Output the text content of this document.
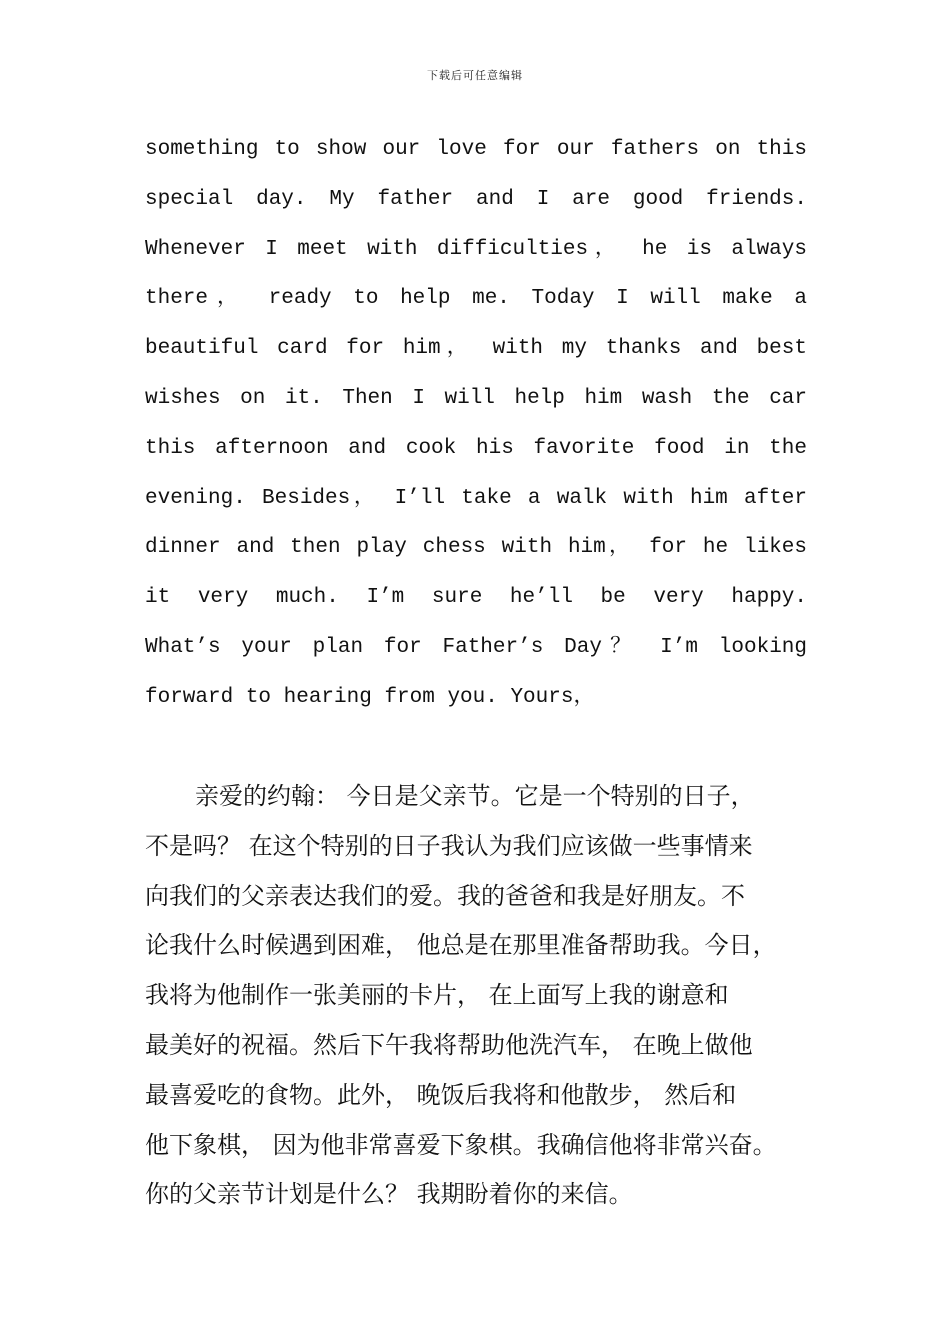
下载后可任意编辑
something to show our love for our fathers on this
special day. My father and I are good friends.
Whenever I meet with difficulties， he is always
there， ready to help me. Today I will make a
beautiful card for him， with my thanks and best
wishes on it. Then I will help him wash the car
this afternoon and cook his favorite food in the
evening. Besides， I’ll take a walk with him after
dinner and then play chess with him， for he likes
it very much. I’m sure he’ll be very happy.
What’s your plan for Father’s Day？ I’m looking
forward to hearing from you. Yours，
亲爱的约翰： 今日是父亲节。它是一个特别的日子，
不是吗？ 在这个特别的日子我认为我们应该做一些事情来
向我们的父亲表达我们的爱。我的爸爸和我是好朋友。不
论我什么时候遇到困难， 他总是在那里准备帮助我。今日，
我将为他制作一张美丽的卡片， 在上面写上我的谢意和
最美好的祝福。然后下午我将帮助他洗汽车， 在晚上做他
最喜爱吃的食物。此外， 晚饭后我将和他散步， 然后和
他下象棋， 因为他非常喜爱下象棋。我确信他将非常兴奋。
你的父亲节计划是什么？ 我期盼着你的来信。
